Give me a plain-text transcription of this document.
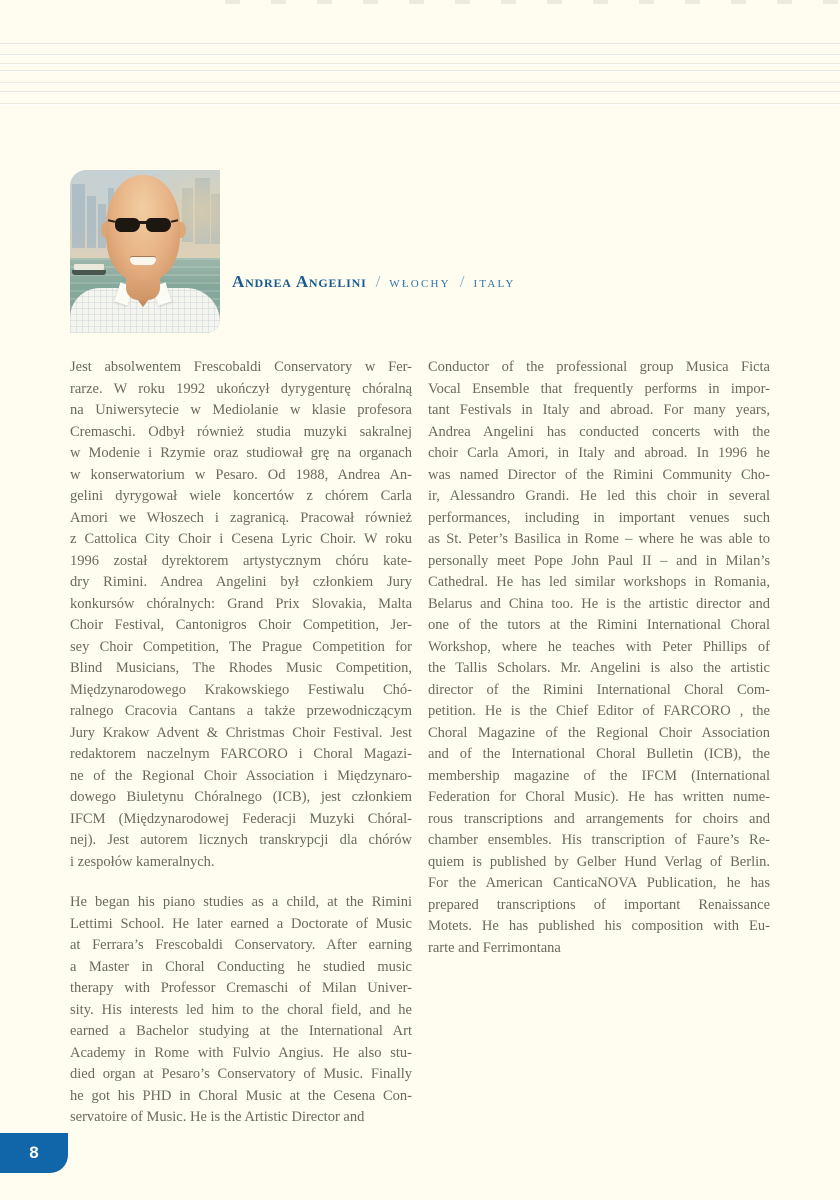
Andrea Angelini / włochy / italy
Jest absolwentem Frescobaldi Conservatory w Fer-
rarze. W roku 1992 ukończył dyrygenturę chóralną
na Uniwersytecie w Mediolanie w klasie profesora
Cremaschi. Odbył również studia muzyki sakralnej
w Modenie i Rzymie oraz studiował grę na organach
w konserwatorium w Pesaro. Od 1988, Andrea An-
gelini dyrygował wiele koncertów z chórem Carla
Amori we Włoszech i zagranicą. Pracował również
z Cattolica City Choir i Cesena Lyric Choir. W roku
1996 został dyrektorem artystycznym chóru kate-
dry Rimini. Andrea Angelini był członkiem Jury
konkursów chóralnych: Grand Prix Slovakia, Malta
Choir Festival, Cantonigros Choir Competition, Jer-
sey Choir Competition, The Prague Competition for
Blind Musicians, The Rhodes Music Competition,
Międzynarodowego Krakowskiego Festiwalu Chó-
ralnego Cracovia Cantans a także przewodniczącym
Jury Krakow Advent & Christmas Choir Festival. Jest
redaktorem naczelnym FARCORO i Choral Magazi-
ne of the Regional Choir Association i Międzynaro-
dowego Biuletynu Chóralnego (ICB), jest członkiem
IFCM (Międzynarodowej Federacji Muzyki Chóral-
nej). Jest autorem licznych transkrypcji dla chórów
i zespołów kameralnych.
He began his piano studies as a child, at the Rimini
Lettimi School. He later earned a Doctorate of Music
at Ferrara’s Frescobaldi Conservatory. After earning
a Master in Choral Conducting he studied music
therapy with Professor Cremaschi of Milan Univer-
sity. His interests led him to the choral field, and he
earned a Bachelor studying at the International Art
Academy in Rome with Fulvio Angius. He also stu-
died organ at Pesaro’s Conservatory of Music. Finally
he got his PHD in Choral Music at the Cesena Con-
servatoire of Music. He is the Artistic Director and
Conductor of the professional group Musica Ficta
Vocal Ensemble that frequently performs in impor-
tant Festivals in Italy and abroad. For many years,
Andrea Angelini has conducted concerts with the
choir Carla Amori, in Italy and abroad. In 1996 he
was named Director of the Rimini Community Cho-
ir, Alessandro Grandi. He led this choir in several
performances, including in important venues such
as St. Peter’s Basilica in Rome – where he was able to
personally meet Pope John Paul II – and in Milan’s
Cathedral. He has led similar workshops in Romania,
Belarus and China too. He is the artistic director and
one of the tutors at the Rimini International Choral
Workshop, where he teaches with Peter Phillips of
the Tallis Scholars. Mr. Angelini is also the artistic
director of the Rimini International Choral Com-
petition. He is the Chief Editor of FARCORO , the
Choral Magazine of the Regional Choir Association
and of the International Choral Bulletin (ICB), the
membership magazine of the IFCM (International
Federation for Choral Music). He has written nume-
rous transcriptions and arrangements for choirs and
chamber ensembles. His transcription of Faure’s Re-
quiem is published by Gelber Hund Verlag of Berlin.
For the American CanticaNOVA Publication, he has
prepared transcriptions of important Renaissance
Motets. He has published his composition with Eu-
rarte and Ferrimontana
8
